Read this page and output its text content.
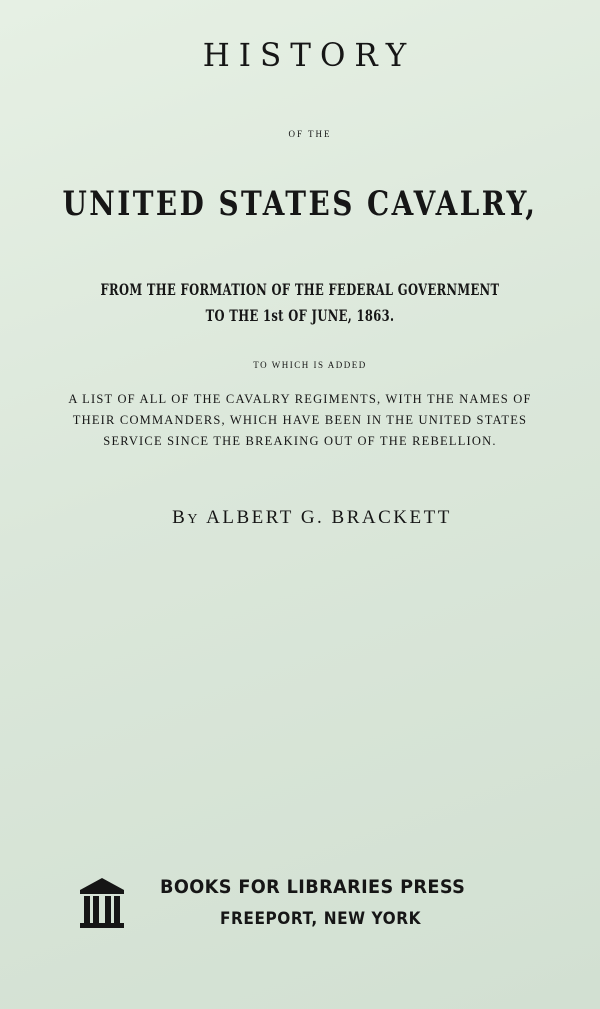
HISTORY

OF THE

UNITED STATES CAVALRY,

FROM THE FORMATION OF THE FEDERAL GOVERNMENT

TO THE 1st OF JUNE, 1863.

TO WHICH IS ADDED

A LIST OF ALL OF THE CAVALRY REGIMENTS, WITH THE NAMES OF

THEIR COMMANDERS, WHICH HAVE BEEN IN THE UNITED STATES

SERVICE SINCE THE BREAKING OUT OF THE REBELLION.

BY ALBERT G. BRACKETT

BOOKS FOR LIBRARIES PRESS
FREEPORT, NEW YORK
